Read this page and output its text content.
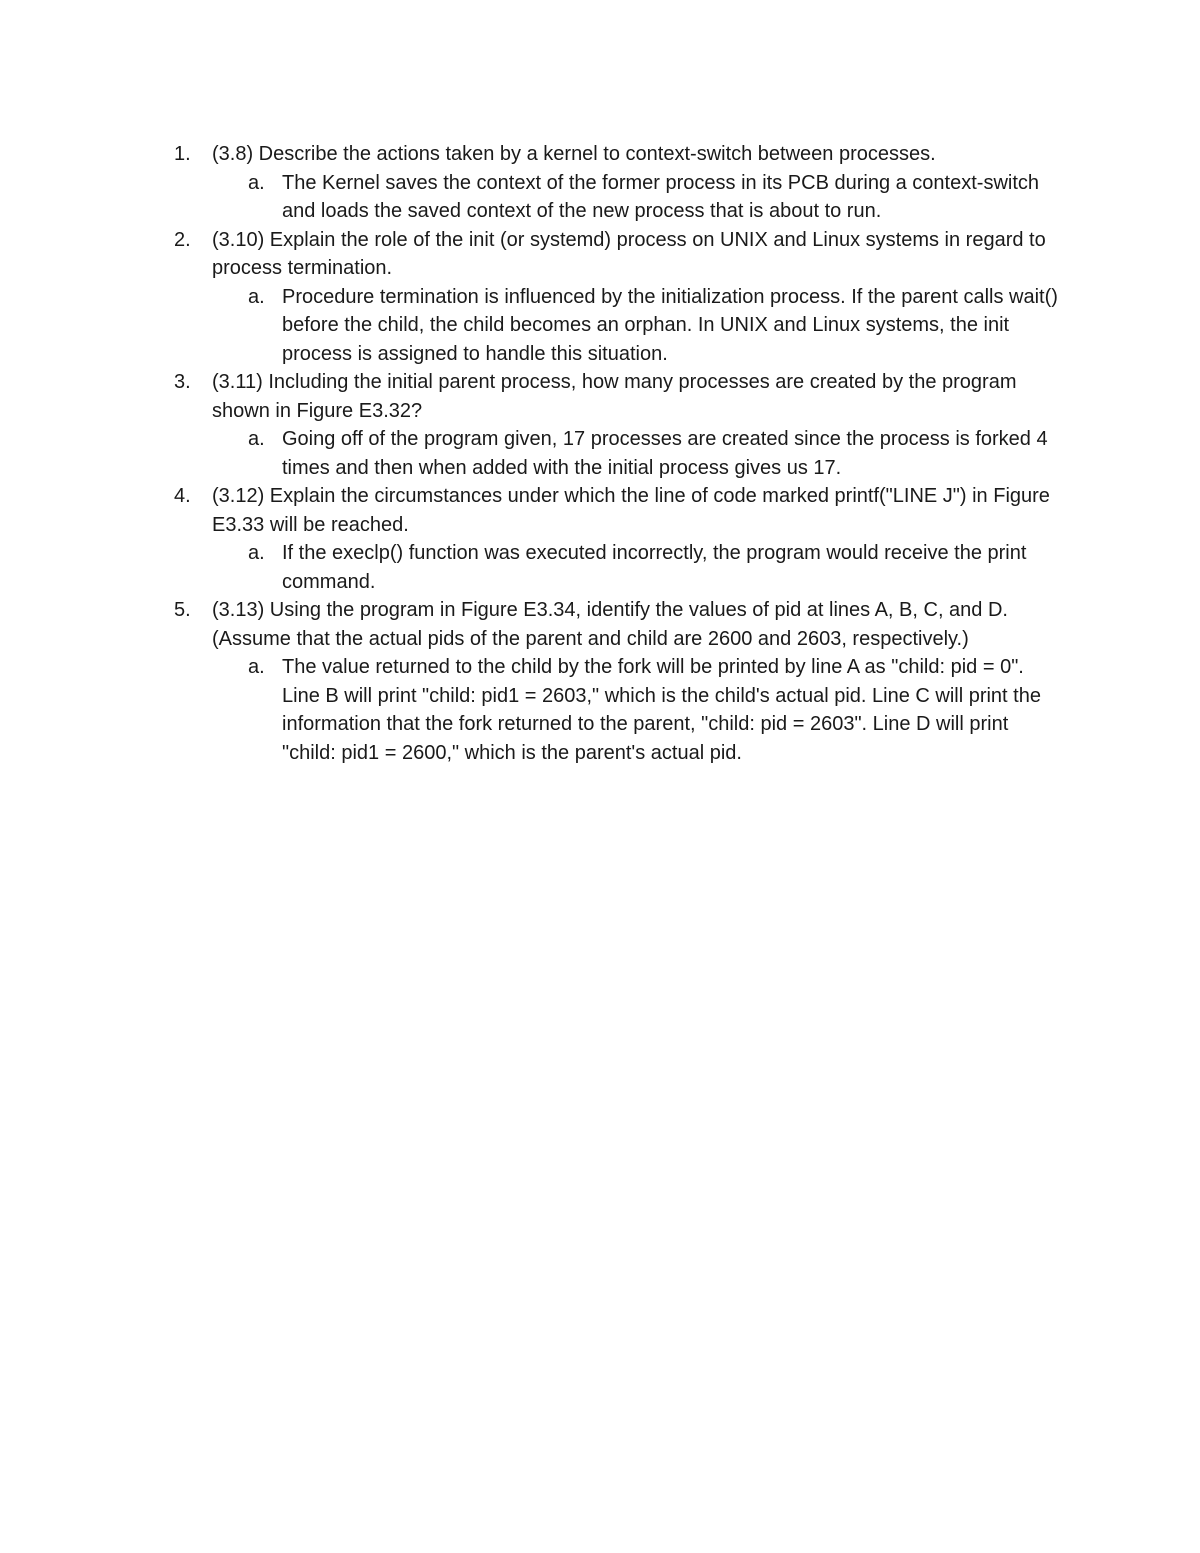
1. (3.8) Describe the actions taken by a kernel to context-switch between processes.
a. The Kernel saves the context of the former process in its PCB during a context-switch and loads the saved context of the new process that is about to run.
2. (3.10) Explain the role of the init (or systemd) process on UNIX and Linux systems in regard to process termination.
a. Procedure termination is influenced by the initialization process. If the parent calls wait() before the child, the child becomes an orphan. In UNIX and Linux systems, the init process is assigned to handle this situation.
3. (3.11) Including the initial parent process, how many processes are created by the program shown in Figure E3.32?
a. Going off of the program given, 17 processes are created since the process is forked 4 times and then when added with the initial process gives us 17.
4. (3.12) Explain the circumstances under which the line of code marked printf("LINE J") in Figure E3.33 will be reached.
a. If the execlp() function was executed incorrectly, the program would receive the print command.
5. (3.13) Using the program in Figure E3.34, identify the values of pid at lines A, B, C, and D. (Assume that the actual pids of the parent and child are 2600 and 2603, respectively.)
a. The value returned to the child by the fork will be printed by line A as "child: pid = 0". Line B will print "child: pid1 = 2603," which is the child's actual pid. Line C will print the information that the fork returned to the parent, "child: pid = 2603". Line D will print "child: pid1 = 2600," which is the parent's actual pid.
